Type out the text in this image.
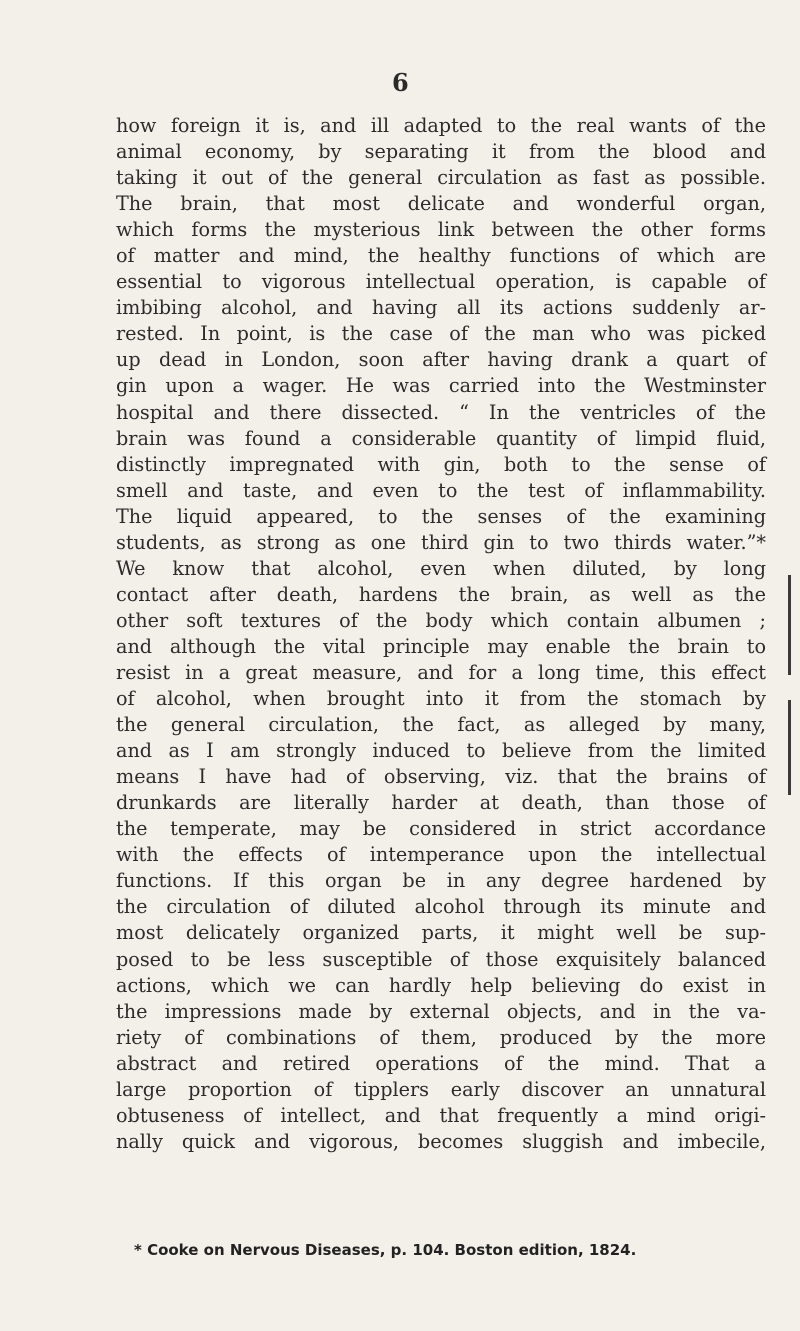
6
how foreign it is, and ill adapted to the real wants of the
animal economy, by separating it from the blood and
taking it out of the general circulation as fast as possible.
The brain, that most delicate and wonderful organ,
which forms the mysterious link between the other forms
of matter and mind, the healthy functions of which are
essential to vigorous intellectual operation, is capable of
imbibing alcohol, and having all its actions suddenly ar-
rested. In point, is the case of the man who was picked
up dead in London, soon after having drank a quart of
gin upon a wager. He was carried into the Westminster
hospital and there dissected. “ In the ventricles of the
brain was found a considerable quantity of limpid fluid,
distinctly impregnated with gin, both to the sense of
smell and taste, and even to the test of inflammability.
The liquid appeared, to the senses of the examining
students, as strong as one third gin to two thirds water.”*
We know that alcohol, even when diluted, by long
contact after death, hardens the brain, as well as the
other soft textures of the body which contain albumen ;
and although the vital principle may enable the brain to
resist in a great measure, and for a long time, this effect
of alcohol, when brought into it from the stomach by
the general circulation, the fact, as alleged by many,
and as I am strongly induced to believe from the limited
means I have had of observing, viz. that the brains of
drunkards are literally harder at death, than those of
the temperate, may be considered in strict accordance
with the effects of intemperance upon the intellectual
functions. If this organ be in any degree hardened by
the circulation of diluted alcohol through its minute and
most delicately organized parts, it might well be sup-
posed to be less susceptible of those exquisitely balanced
actions, which we can hardly help believing do exist in
the impressions made by external objects, and in the va-
riety of combinations of them, produced by the more
abstract and retired operations of the mind. That a
large proportion of tipplers early discover an unnatural
obtuseness of intellect, and that frequently a mind origi-
nally quick and vigorous, becomes sluggish and imbecile,
* Cooke on Nervous Diseases, p. 104. Boston edition, 1824.
